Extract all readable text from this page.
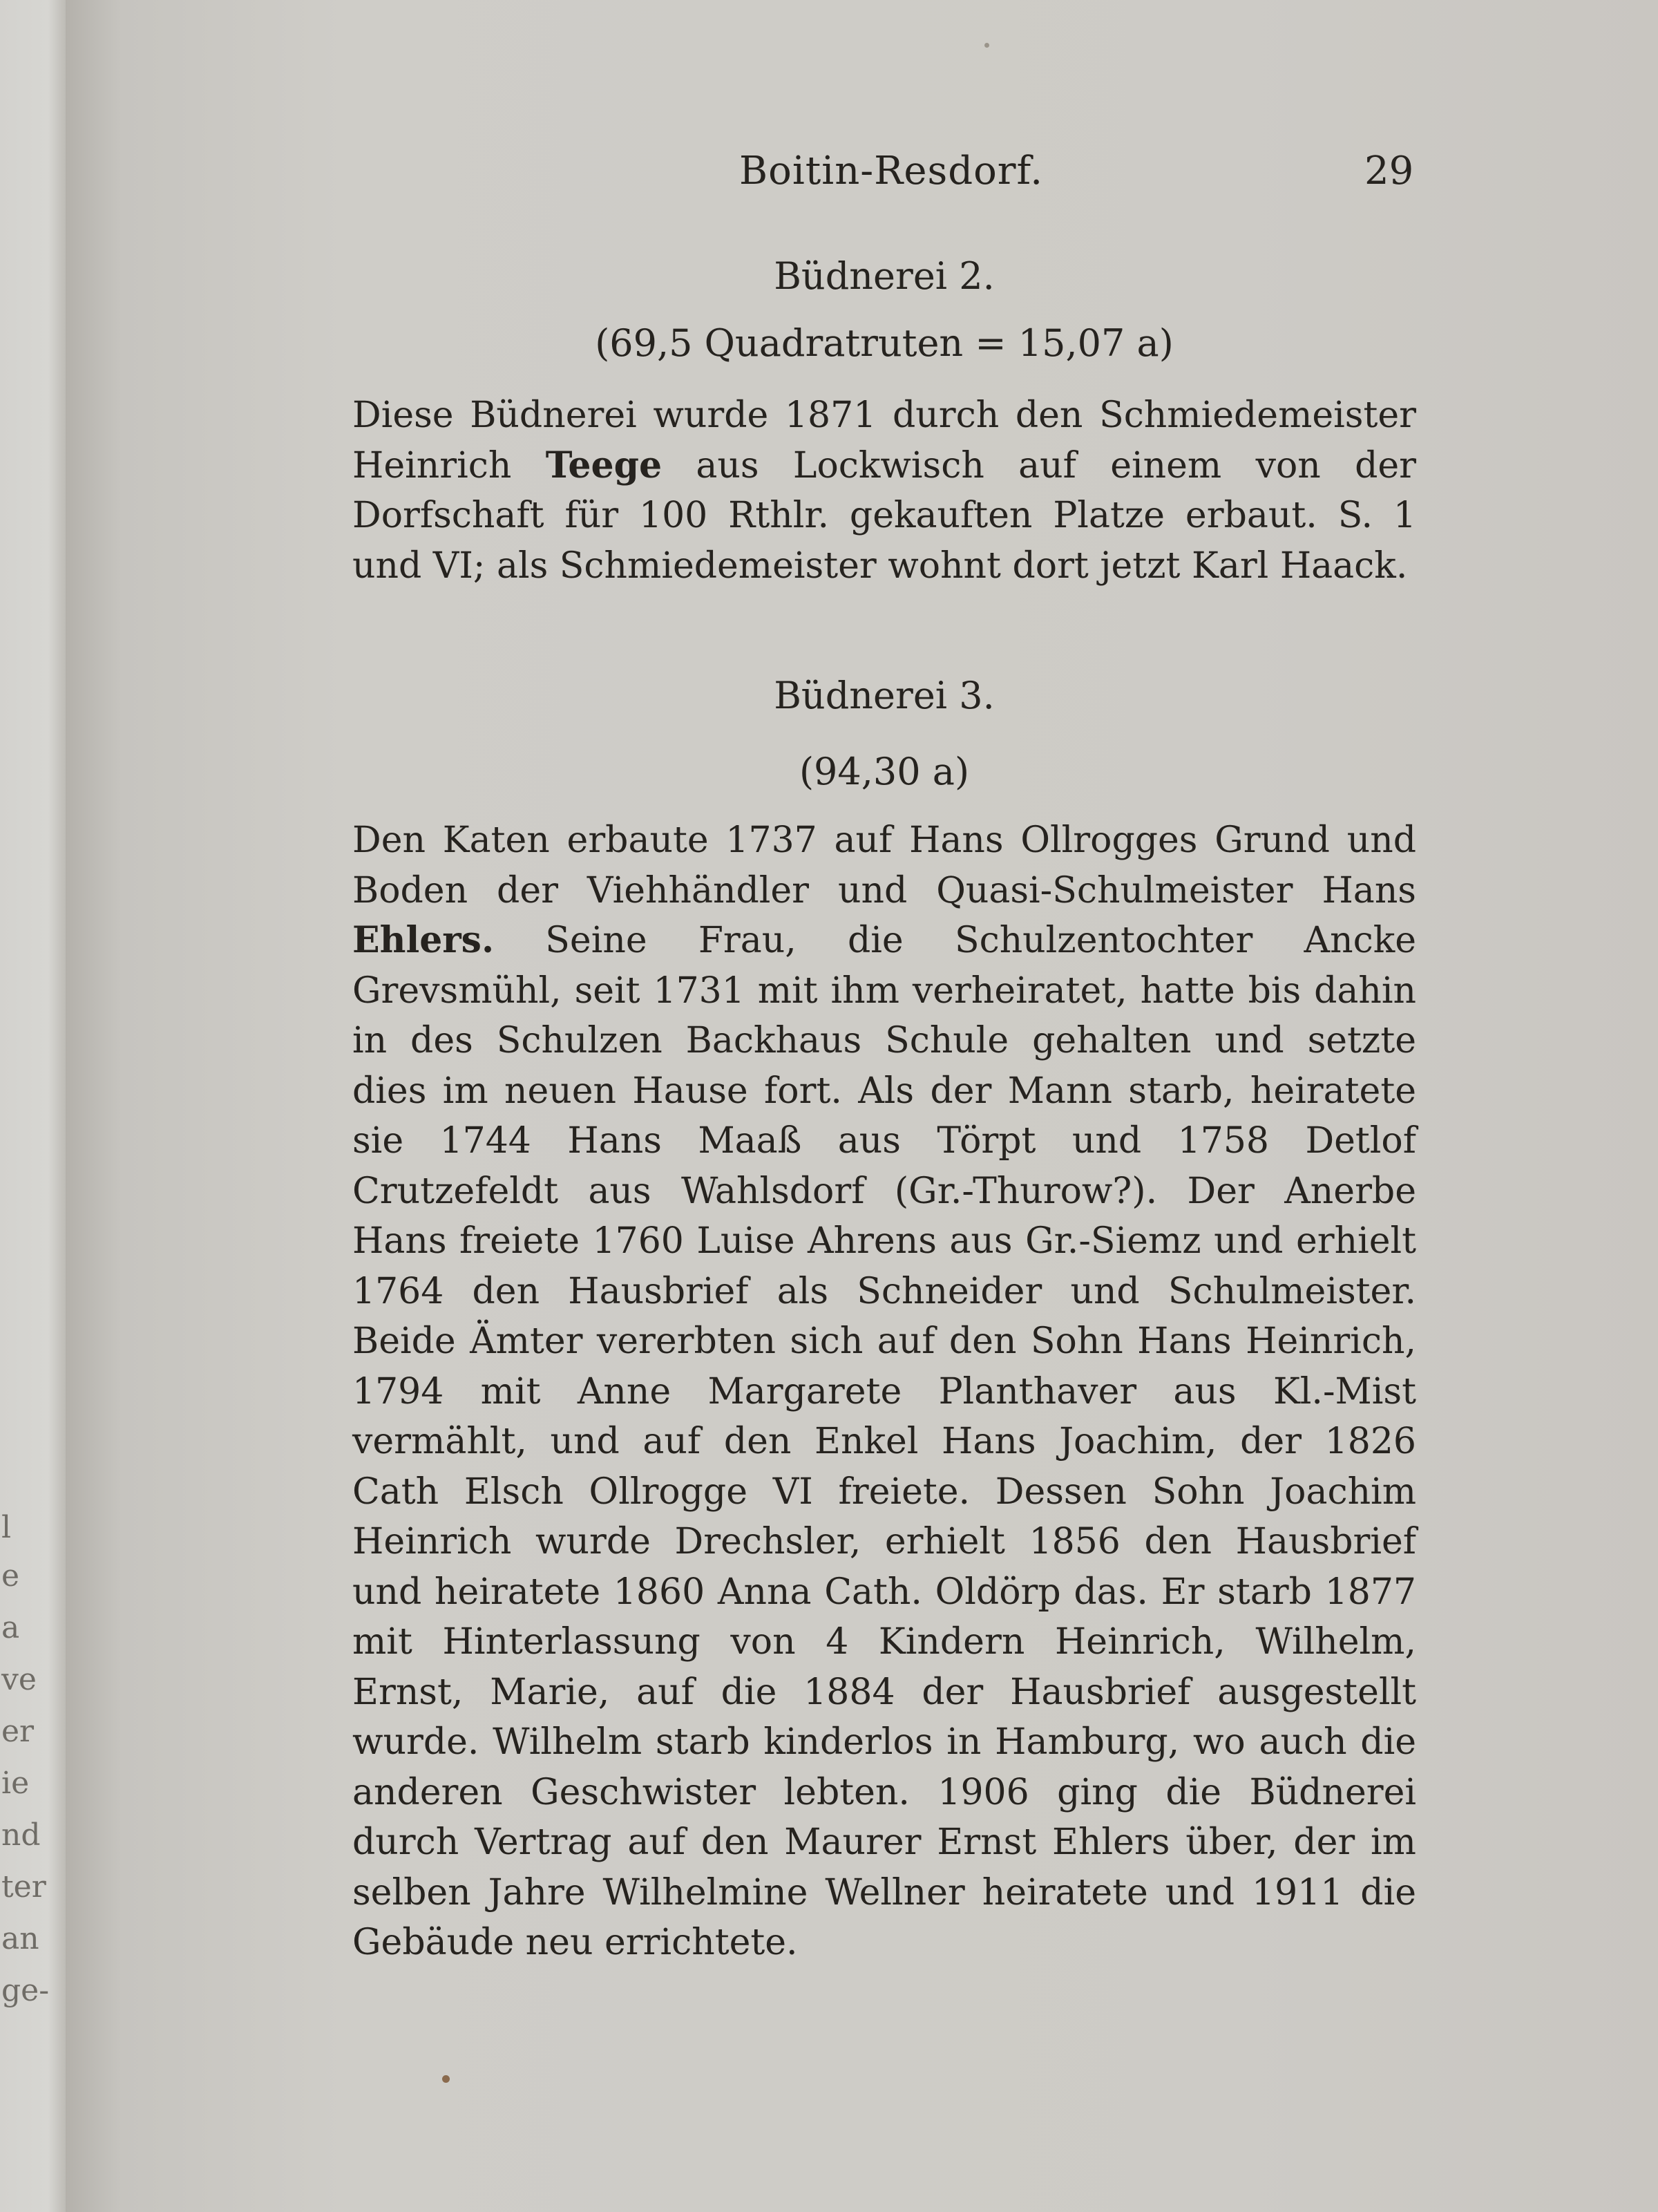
l
e
a
ve
er
ie
nd
ter
an
ge-
Boitin-Resdorf.	29
Büdnerei 2.
(69,5 Quadratruten = 15,07 a)

Diese Büdnerei wurde 1871 durch den Schmiedemeister Heinrich Teege aus Lockwisch auf einem von der Dorfschaft für 100 Rthlr. gekauften Platze erbaut. S. 1 und VI; als Schmiedemeister wohnt dort jetzt Karl Haack.

Büdnerei 3.
(94,30 a)

Den Katen erbaute 1737 auf Hans Ollrogges Grund und Boden der Viehhändler und Quasi-Schulmeister Hans Ehlers. Seine Frau, die Schulzentochter Ancke Grevsmühl, seit 1731 mit ihm verheiratet, hatte bis dahin in des Schulzen Backhaus Schule gehalten und setzte dies im neuen Hause fort. Als der Mann starb, heiratete sie 1744 Hans Maaß aus Törpt und 1758 Detlof Crutzefeldt aus Wahlsdorf (Gr.-Thurow?). Der Anerbe Hans freiete 1760 Luise Ahrens aus Gr.-Siemz und erhielt 1764 den Hausbrief als Schneider und Schulmeister. Beide Ämter vererbten sich auf den Sohn Hans Heinrich, 1794 mit Anne Margarete Planthaver aus Kl.-Mist vermählt, und auf den Enkel Hans Joachim, der 1826 Cath Elsch Ollrogge VI freiete. Dessen Sohn Joachim Heinrich wurde Drechsler, erhielt 1856 den Hausbrief und heiratete 1860 Anna Cath. Oldörp das. Er starb 1877 mit Hinterlassung von 4 Kindern Heinrich, Wilhelm, Ernst, Marie, auf die 1884 der Hausbrief ausgestellt wurde. Wilhelm starb kinderlos in Hamburg, wo auch die anderen Geschwister lebten. 1906 ging die Büdnerei durch Vertrag auf den Maurer Ernst Ehlers über, der im selben Jahre Wilhelmine Wellner heiratete und 1911 die Gebäude neu errichtete.
